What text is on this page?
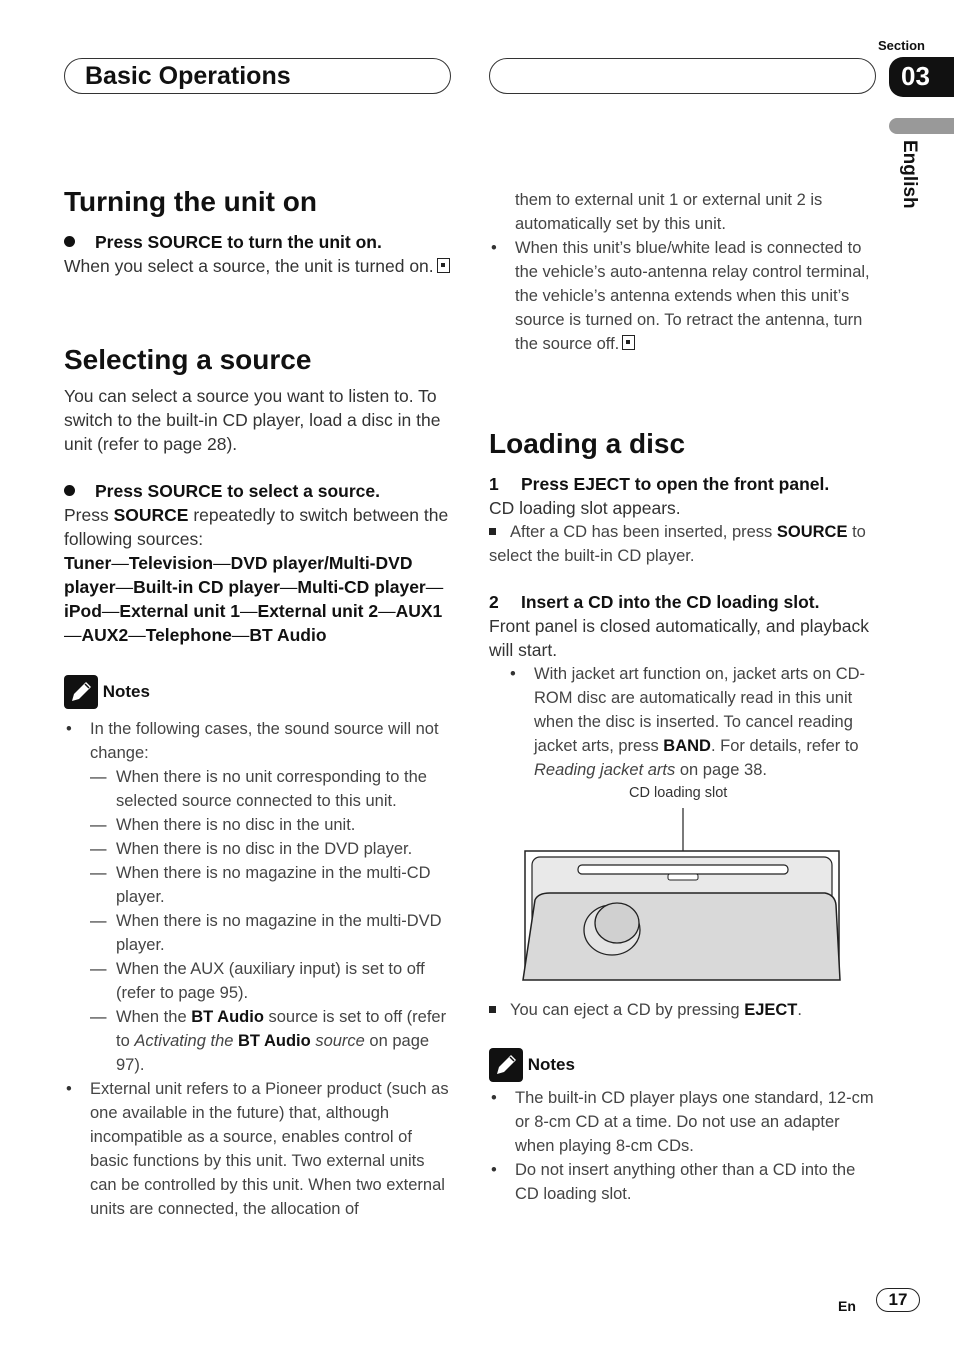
Basic Operations
Section
03
English
Turning the unit on
Press SOURCE to turn the unit on.
When you select a source, the unit is turned on.
Selecting a source
You can select a source you want to listen to. To switch to the built-in CD player, load a disc in the unit (refer to page 28).
Press SOURCE to select a source.
Press SOURCE repeatedly to switch between the following sources:
Tuner—Television—DVD player/Multi-DVD player—Built-in CD player—Multi-CD player—iPod—External unit 1—External unit 2—AUX1—AUX2—Telephone—BT Audio
Notes
• In the following cases, the sound source will not change:
— When there is no unit corresponding to the selected source connected to this unit.
— When there is no disc in the unit.
— When there is no disc in the DVD player.
— When there is no magazine in the multi-CD player.
— When there is no magazine in the multi-DVD player.
— When the AUX (auxiliary input) is set to off (refer to page 95).
— When the BT Audio source is set to off (refer to Activating the BT Audio source on page 97).
• External unit refers to a Pioneer product (such as one available in the future) that, although incompatible as a source, enables control of basic functions by this unit. Two external units can be controlled by this unit. When two external units are connected, the allocation of
them to external unit 1 or external unit 2 is automatically set by this unit.
• When this unit’s blue/white lead is connected to the vehicle’s auto-antenna relay control terminal, the vehicle’s antenna extends when this unit’s source is turned on. To retract the antenna, turn the source off.
Loading a disc
1 Press EJECT to open the front panel.
CD loading slot appears.
After a CD has been inserted, press SOURCE to select the built-in CD player.
2 Insert a CD into the CD loading slot.
Front panel is closed automatically, and playback will start.
• With jacket art function on, jacket arts on CD-ROM disc are automatically read in this unit when the disc is inserted. To cancel reading jacket arts, press BAND. For details, refer to Reading jacket arts on page 38.
CD loading slot
You can eject a CD by pressing EJECT.
Notes
• The built-in CD player plays one standard, 12-cm or 8-cm CD at a time. Do not use an adapter when playing 8-cm CDs.
• Do not insert anything other than a CD into the CD loading slot.
En	17
